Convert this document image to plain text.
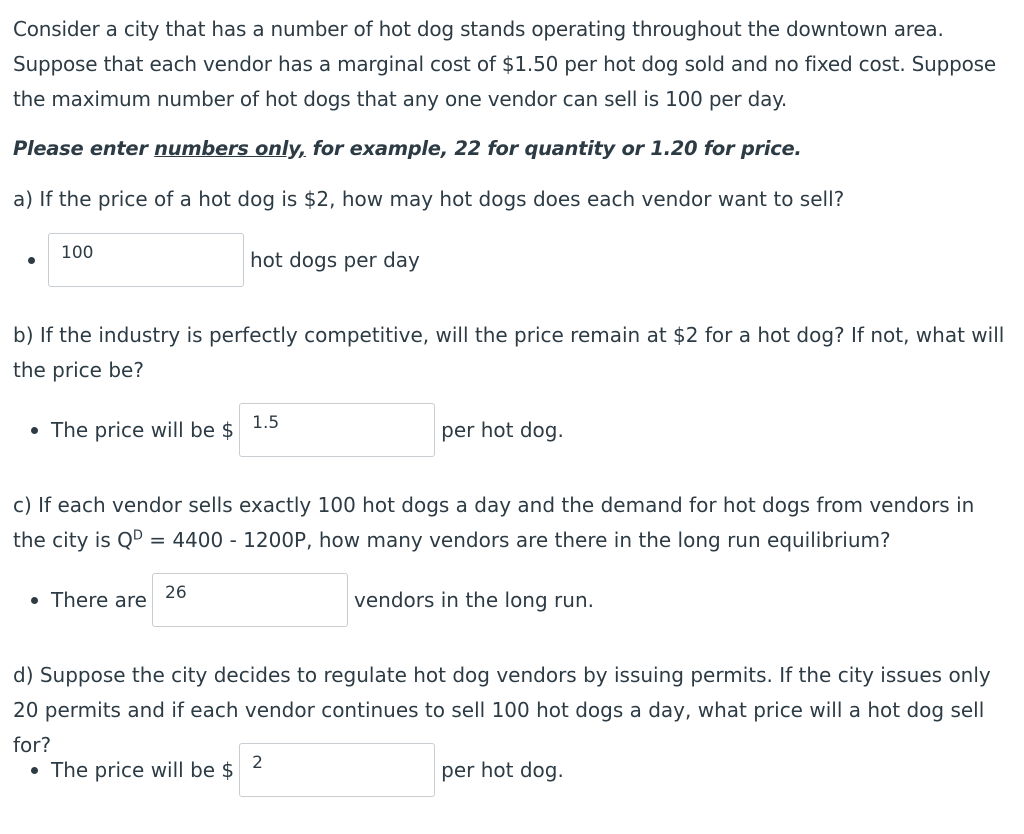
Consider a city that has a number of hot dog stands operating throughout the downtown area. Suppose that each vendor has a marginal cost of $1.50 per hot dog sold and no fixed cost. Suppose the maximum number of hot dogs that any one vendor can sell is 100 per day.

Please enter numbers only, for example, 22 for quantity or 1.20 for price.

a) If the price of a hot dog is $2, how may hot dogs does each vendor want to sell?

100
hot dogs per day

b) If the industry is perfectly competitive, will the price remain at $2 for a hot dog? If not, what will the price be?

The price will be $
1.5	per hot dog.

c) If each vendor sells exactly 100 hot dogs a day and the demand for hot dogs from vendors in the city is $Q^D = 4400 - 1200P$, how many vendors are there in the long run equilibrium?

There are
26	vendors in the long run.

d) Suppose the city decides to regulate hot dog vendors by issuing permits. If the city issues only 20 permits and if each vendor continues to sell 100 hot dogs a day, what price will a hot dog sell for?

The price will be $
2	per hot dog.
